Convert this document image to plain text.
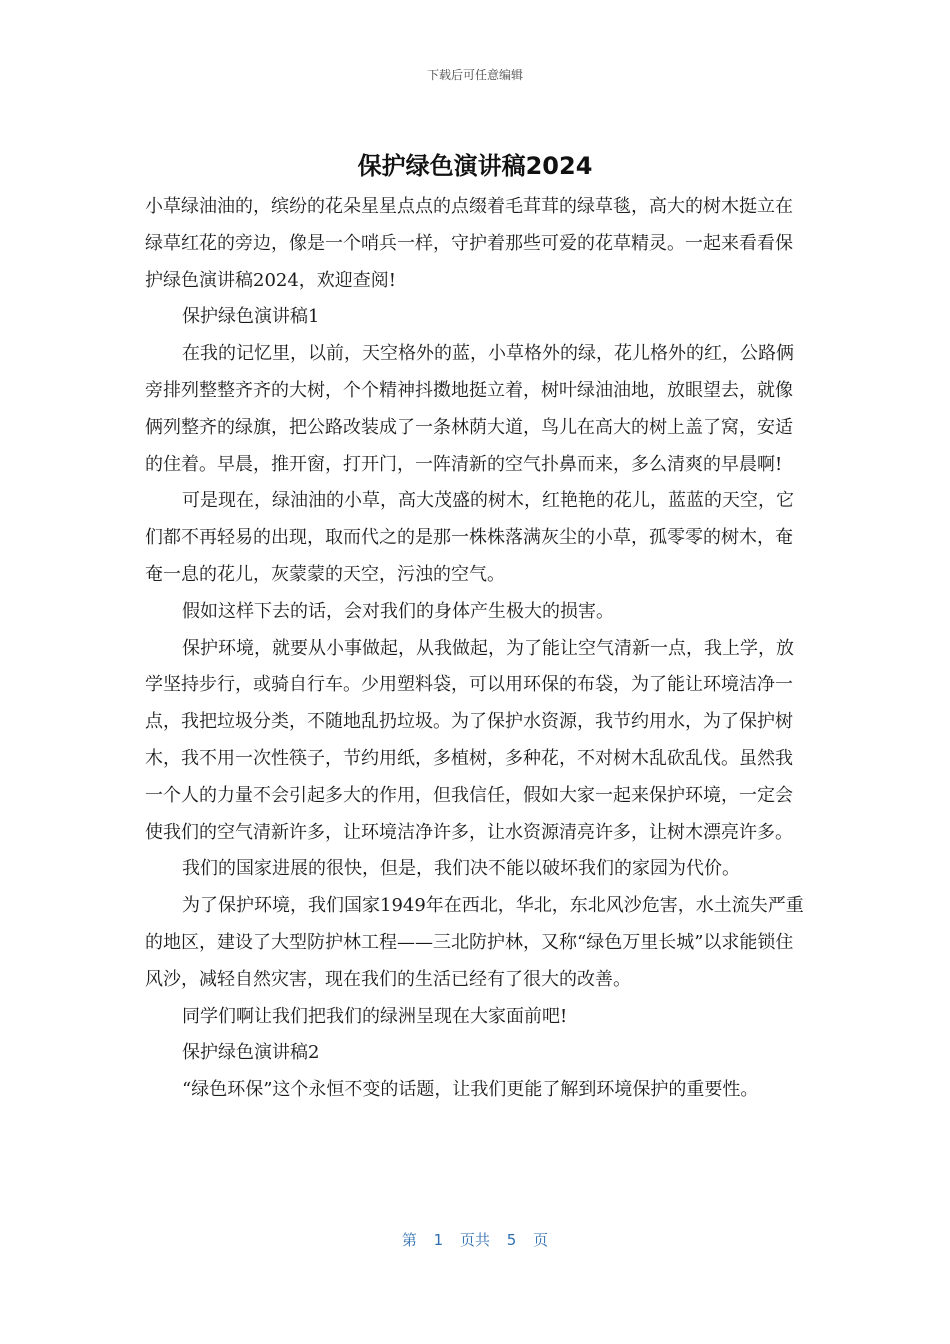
下载后可任意编辑
保护绿色演讲稿2024

小草绿油油的，缤纷的花朵星星点点的点缀着毛茸茸的绿草毯，高大的树木挺立在绿草红花的旁边，像是一个哨兵一样，守护着那些可爱的花草精灵。一起来看看保护绿色演讲稿2024，欢迎查阅!

保护绿色演讲稿1

在我的记忆里，以前，天空格外的蓝，小草格外的绿，花儿格外的红，公路俩旁排列整整齐齐的大树，个个精神抖擞地挺立着，树叶绿油油地，放眼望去，就像俩列整齐的绿旗，把公路改装成了一条林荫大道，鸟儿在高大的树上盖了窝，安适的住着。早晨，推开窗，打开门，一阵清新的空气扑鼻而来，多么清爽的早晨啊!

可是现在，绿油油的小草，高大茂盛的树木，红艳艳的花儿，蓝蓝的天空，它们都不再轻易的出现，取而代之的是那一株株落满灰尘的小草，孤零零的树木，奄奄一息的花儿，灰蒙蒙的天空，污浊的空气。

假如这样下去的话，会对我们的身体产生极大的损害。

保护环境，就要从小事做起，从我做起，为了能让空气清新一点，我上学，放学坚持步行，或骑自行车。少用塑料袋，可以用环保的布袋，为了能让环境洁净一点，我把垃圾分类，不随地乱扔垃圾。为了保护水资源，我节约用水，为了保护树木，我不用一次性筷子，节约用纸，多植树，多种花，不对树木乱砍乱伐。虽然我一个人的力量不会引起多大的作用，但我信任，假如大家一起来保护环境，一定会使我们的空气清新许多，让环境洁净许多，让水资源清亮许多，让树木漂亮许多。

我们的国家进展的很快，但是，我们决不能以破坏我们的家园为代价。

为了保护环境，我们国家1949年在西北，华北，东北风沙危害，水土流失严重的地区，建设了大型防护林工程——三北防护林，又称“绿色万里长城”以求能锁住风沙，减轻自然灾害，现在我们的生活已经有了很大的改善。

同学们啊让我们把我们的绿洲呈现在大家面前吧!

保护绿色演讲稿2

“绿色环保”这个永恒不变的话题，让我们更能了解到环境保护的重要性。

第 1 页共 5 页
